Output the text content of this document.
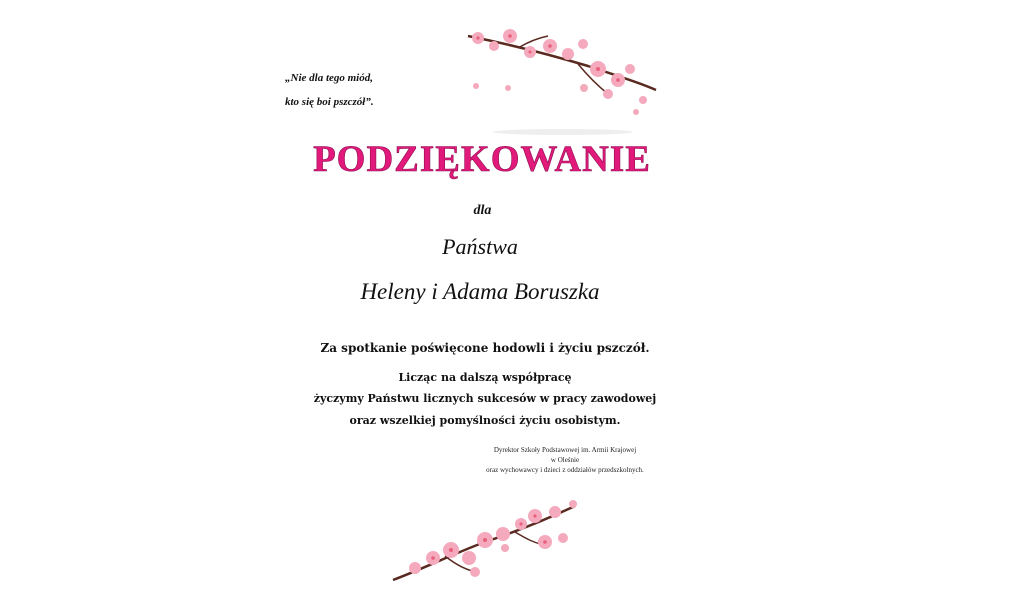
„Nie dla tego miód,
kto się boi pszczół”.
PODZIĘKOWANIE
dla
Państwa
Heleny i Adama Boruszka
Za spotkanie poświęcone hodowli i życiu pszczół.
Licząc na dalszą współpracę
życzymy Państwu licznych sukcesów w pracy zawodowej
oraz wszelkiej pomyślności życiu osobistym.
Dyrektor Szkoły Podstawowej im. Armii Krajowej
w Oleśnie
oraz wychowawcy i dzieci z oddziałów przedszkolnych.
